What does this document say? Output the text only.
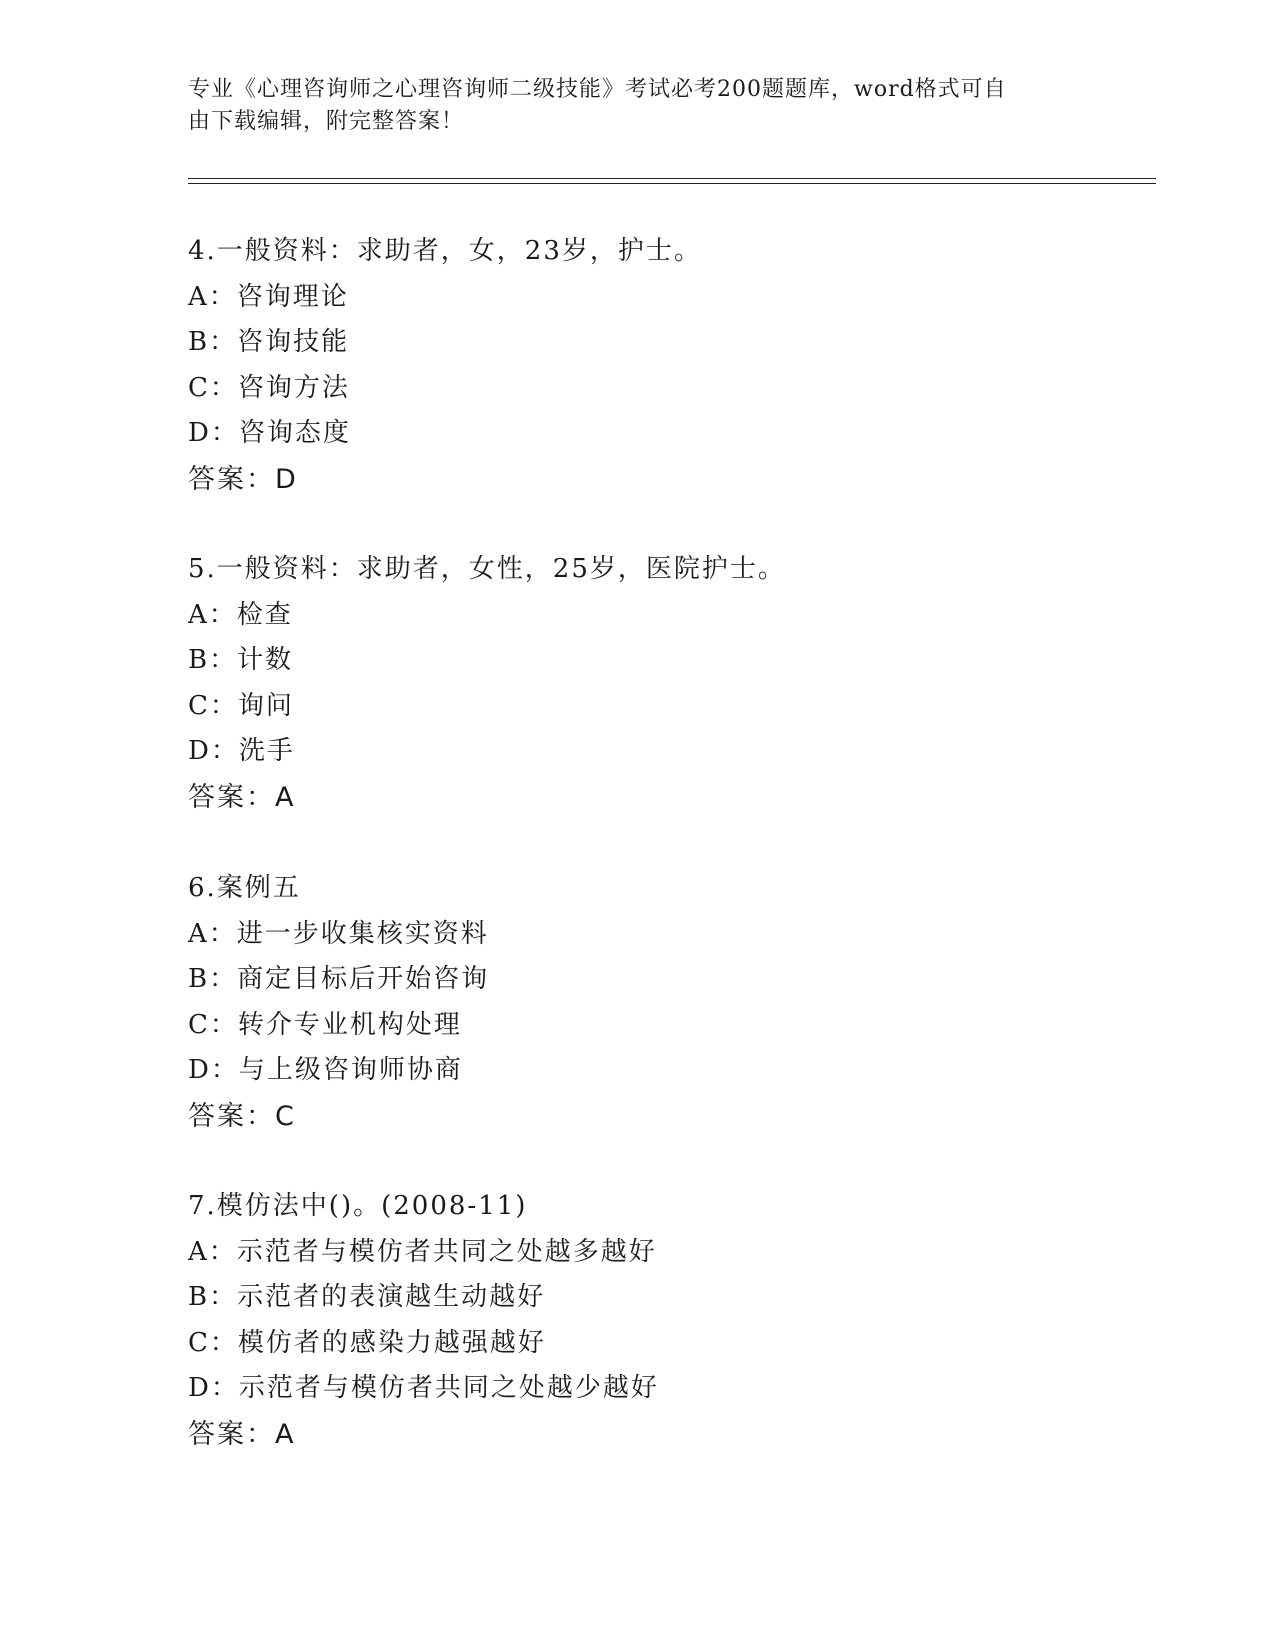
专业《心理咨询师之心理咨询师二级技能》考试必考200题题库，word格式可自
由下载编辑，附完整答案！
4.一般资料：求助者，女，23岁，护士。
A：咨询理论
B：咨询技能
C：咨询方法
D：咨询态度
答案：D
5.一般资料：求助者，女性，25岁，医院护士。
A：检查
B：计数
C：询问
D：洗手
答案：A
6.案例五
A：进一步收集核实资料
B：商定目标后开始咨询
C：转介专业机构处理
D：与上级咨询师协商
答案：C
7.模仿法中()。(2008-11)
A：示范者与模仿者共同之处越多越好
B：示范者的表演越生动越好
C：模仿者的感染力越强越好
D：示范者与模仿者共同之处越少越好
答案：A
